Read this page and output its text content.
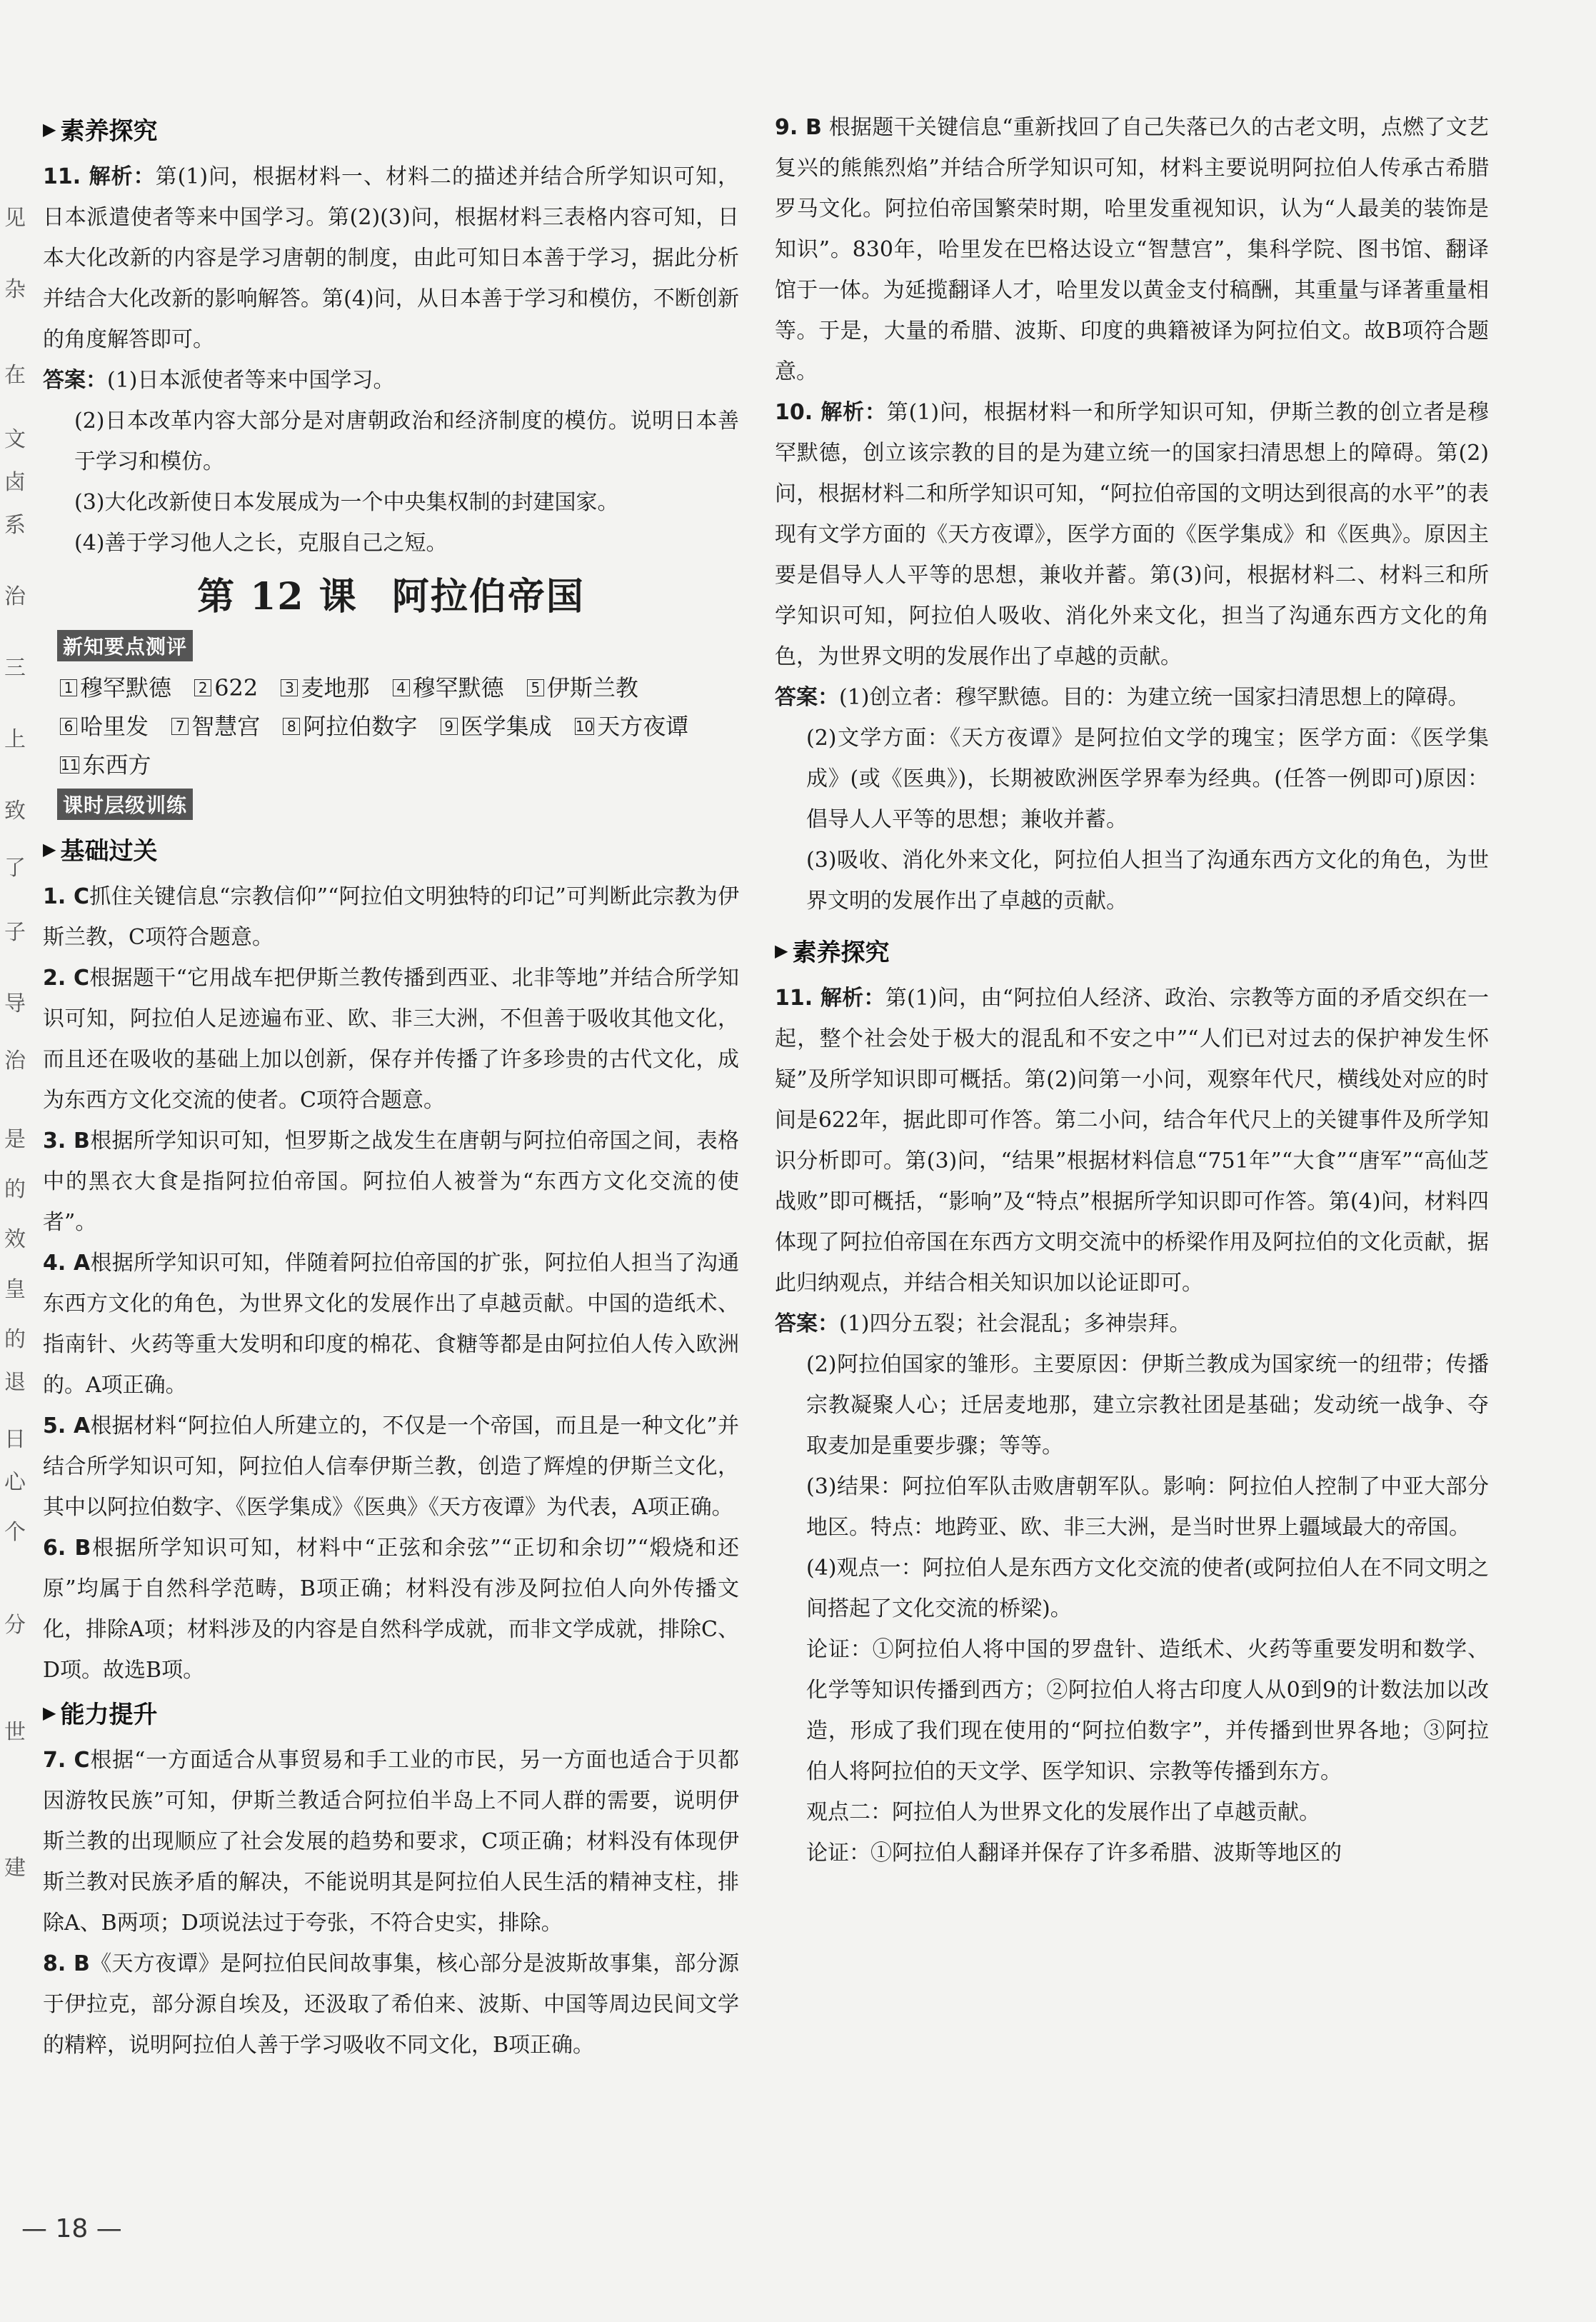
见
杂
在
文
卤
系
治
三
上
致
了
子
导
治
是
的
效
皇
的
退
日
心
个
分
世
建
▶ 素养探究

11. 解析：第(1)问，根据材料一、材料二的描述并结合所学知识可知，日本派遣使者等来中国学习。第(2)(3)问，根据材料三表格内容可知，日本大化改新的内容是学习唐朝的制度，由此可知日本善于学习，据此分析并结合大化改新的影响解答。第(4)问，从日本善于学习和模仿，不断创新的角度解答即可。

答案：(1)日本派使者等来中国学习。

(2)日本改革内容大部分是对唐朝政治和经济制度的模仿。说明日本善于学习和模仿。

(3)大化改新使日本发展成为一个中央集权制的封建国家。

(4)善于学习他人之长，克服自己之短。

第 12 课 阿拉伯帝国
新知要点测评
1 穆罕默德 2 622 3 麦地那 4 穆罕默德 5 伊斯兰教 6 哈里发 7 智慧宫 8 阿拉伯数字 9 医学集成 10 天方夜谭 11 东西方
课时层级训练
▶ 基础过关

1. C抓住关键信息“宗教信仰”“阿拉伯文明独特的印记”可判断此宗教为伊斯兰教，C项符合题意。

2. C根据题干“它用战车把伊斯兰教传播到西亚、北非等地”并结合所学知识可知，阿拉伯人足迹遍布亚、欧、非三大洲，不但善于吸收其他文化，而且还在吸收的基础上加以创新，保存并传播了许多珍贵的古代文化，成为东西方文化交流的使者。C项符合题意。

3. B根据所学知识可知，怛罗斯之战发生在唐朝与阿拉伯帝国之间，表格中的黑衣大食是指阿拉伯帝国。阿拉伯人被誉为“东西方文化交流的使者”。

4. A根据所学知识可知，伴随着阿拉伯帝国的扩张，阿拉伯人担当了沟通东西方文化的角色，为世界文化的发展作出了卓越贡献。中国的造纸术、指南针、火药等重大发明和印度的棉花、食糖等都是由阿拉伯人传入欧洲的。A项正确。

5. A根据材料“阿拉伯人所建立的，不仅是一个帝国，而且是一种文化”并结合所学知识可知，阿拉伯人信奉伊斯兰教，创造了辉煌的伊斯兰文化，其中以阿拉伯数字、《医学集成》《医典》《天方夜谭》为代表，A项正确。

6. B根据所学知识可知，材料中“正弦和余弦”“正切和余切”“煅烧和还原”均属于自然科学范畴，B项正确；材料没有涉及阿拉伯人向外传播文化，排除A项；材料涉及的内容是自然科学成就，而非文学成就，排除C、D项。故选B项。

▶ 能力提升

7. C根据“一方面适合从事贸易和手工业的市民，另一方面也适合于贝都因游牧民族”可知，伊斯兰教适合阿拉伯半岛上不同人群的需要，说明伊斯兰教的出现顺应了社会发展的趋势和要求，C项正确；材料没有体现伊斯兰教对民族矛盾的解决，不能说明其是阿拉伯人民生活的精神支柱，排除A、B两项；D项说法过于夸张，不符合史实，排除。

8. B《天方夜谭》是阿拉伯民间故事集，核心部分是波斯故事集，部分源于伊拉克，部分源自埃及，还汲取了希伯来、波斯、中国等周边民间文学的精粹，说明阿拉伯人善于学习吸收不同文化，B项正确。

9. B 根据题干关键信息“重新找回了自己失落已久的古老文明，点燃了文艺复兴的熊熊烈焰”并结合所学知识可知，材料主要说明阿拉伯人传承古希腊罗马文化。阿拉伯帝国繁荣时期，哈里发重视知识，认为“人最美的装饰是知识”。830年，哈里发在巴格达设立“智慧宫”，集科学院、图书馆、翻译馆于一体。为延揽翻译人才，哈里发以黄金支付稿酬，其重量与译著重量相等。于是，大量的希腊、波斯、印度的典籍被译为阿拉伯文。故B项符合题意。

10. 解析：第(1)问，根据材料一和所学知识可知，伊斯兰教的创立者是穆罕默德，创立该宗教的目的是为建立统一的国家扫清思想上的障碍。第(2)问，根据材料二和所学知识可知，“阿拉伯帝国的文明达到很高的水平”的表现有文学方面的《天方夜谭》，医学方面的《医学集成》和《医典》。原因主要是倡导人人平等的思想，兼收并蓄。第(3)问，根据材料二、材料三和所学知识可知，阿拉伯人吸收、消化外来文化，担当了沟通东西方文化的角色，为世界文明的发展作出了卓越的贡献。

答案：(1)创立者：穆罕默德。目的：为建立统一国家扫清思想上的障碍。

(2)文学方面：《天方夜谭》是阿拉伯文学的瑰宝；医学方面：《医学集成》(或《医典》)，长期被欧洲医学界奉为经典。(任答一例即可)原因：倡导人人平等的思想；兼收并蓄。

(3)吸收、消化外来文化，阿拉伯人担当了沟通东西方文化的角色，为世界文明的发展作出了卓越的贡献。

▶ 素养探究

11. 解析：第(1)问，由“阿拉伯人经济、政治、宗教等方面的矛盾交织在一起，整个社会处于极大的混乱和不安之中”“人们已对过去的保护神发生怀疑”及所学知识即可概括。第(2)问第一小问，观察年代尺，横线处对应的时间是622年，据此即可作答。第二小问，结合年代尺上的关键事件及所学知识分析即可。第(3)问，“结果”根据材料信息“751年”“大食”“唐军”“高仙芝战败”即可概括，“影响”及“特点”根据所学知识即可作答。第(4)问，材料四体现了阿拉伯帝国在东西方文明交流中的桥梁作用及阿拉伯的文化贡献，据此归纳观点，并结合相关知识加以论证即可。

答案：(1)四分五裂；社会混乱；多神崇拜。

(2)阿拉伯国家的雏形。主要原因：伊斯兰教成为国家统一的纽带；传播宗教凝聚人心；迁居麦地那，建立宗教社团是基础；发动统一战争、夺取麦加是重要步骤；等等。

(3)结果：阿拉伯军队击败唐朝军队。影响：阿拉伯人控制了中亚大部分地区。特点：地跨亚、欧、非三大洲，是当时世界上疆域最大的帝国。

(4)观点一：阿拉伯人是东西方文化交流的使者(或阿拉伯人在不同文明之间搭起了文化交流的桥梁)。

论证：①阿拉伯人将中国的罗盘针、造纸术、火药等重要发明和数学、化学等知识传播到西方；②阿拉伯人将古印度人从0到9的计数法加以改造，形成了我们现在使用的“阿拉伯数字”，并传播到世界各地；③阿拉伯人将阿拉伯的天文学、医学知识、宗教等传播到东方。

观点二：阿拉伯人为世界文化的发展作出了卓越贡献。

论证：①阿拉伯人翻译并保存了许多希腊、波斯等地区的

— 18 —
